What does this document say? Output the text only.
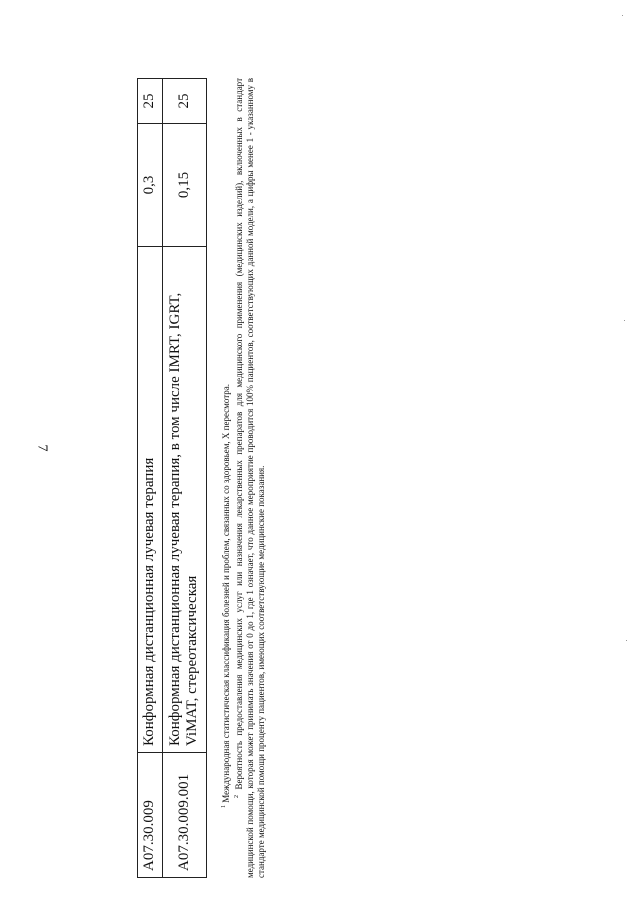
7
A07.30.009	Конформная дистанционная лучевая терапия	0,3	25
A07.30.009.001	Конформная дистанционная лучевая терапия, в том числе IMRT, IGRT, ViMAT, стереотаксическая	0,15	25

$^1$ Международная статистическая классификация болезней и проблем, связанных со здоровьем, X пересмотра. $^2$ Вероятность предоставления медицинских услуг или назначения лекарственных препаратов для медицинского применения (медицинских изделий), включенных в стандарт медицинской помощи, которая может принимать значения от 0 до 1, где 1 означает, что данное мероприятие проводится 100% пациентов, соответствующих данной модели, а цифры менее 1 - указанному в стандарте медицинской помощи проценту пациентов, имеющих соответствующие медицинские показания.
